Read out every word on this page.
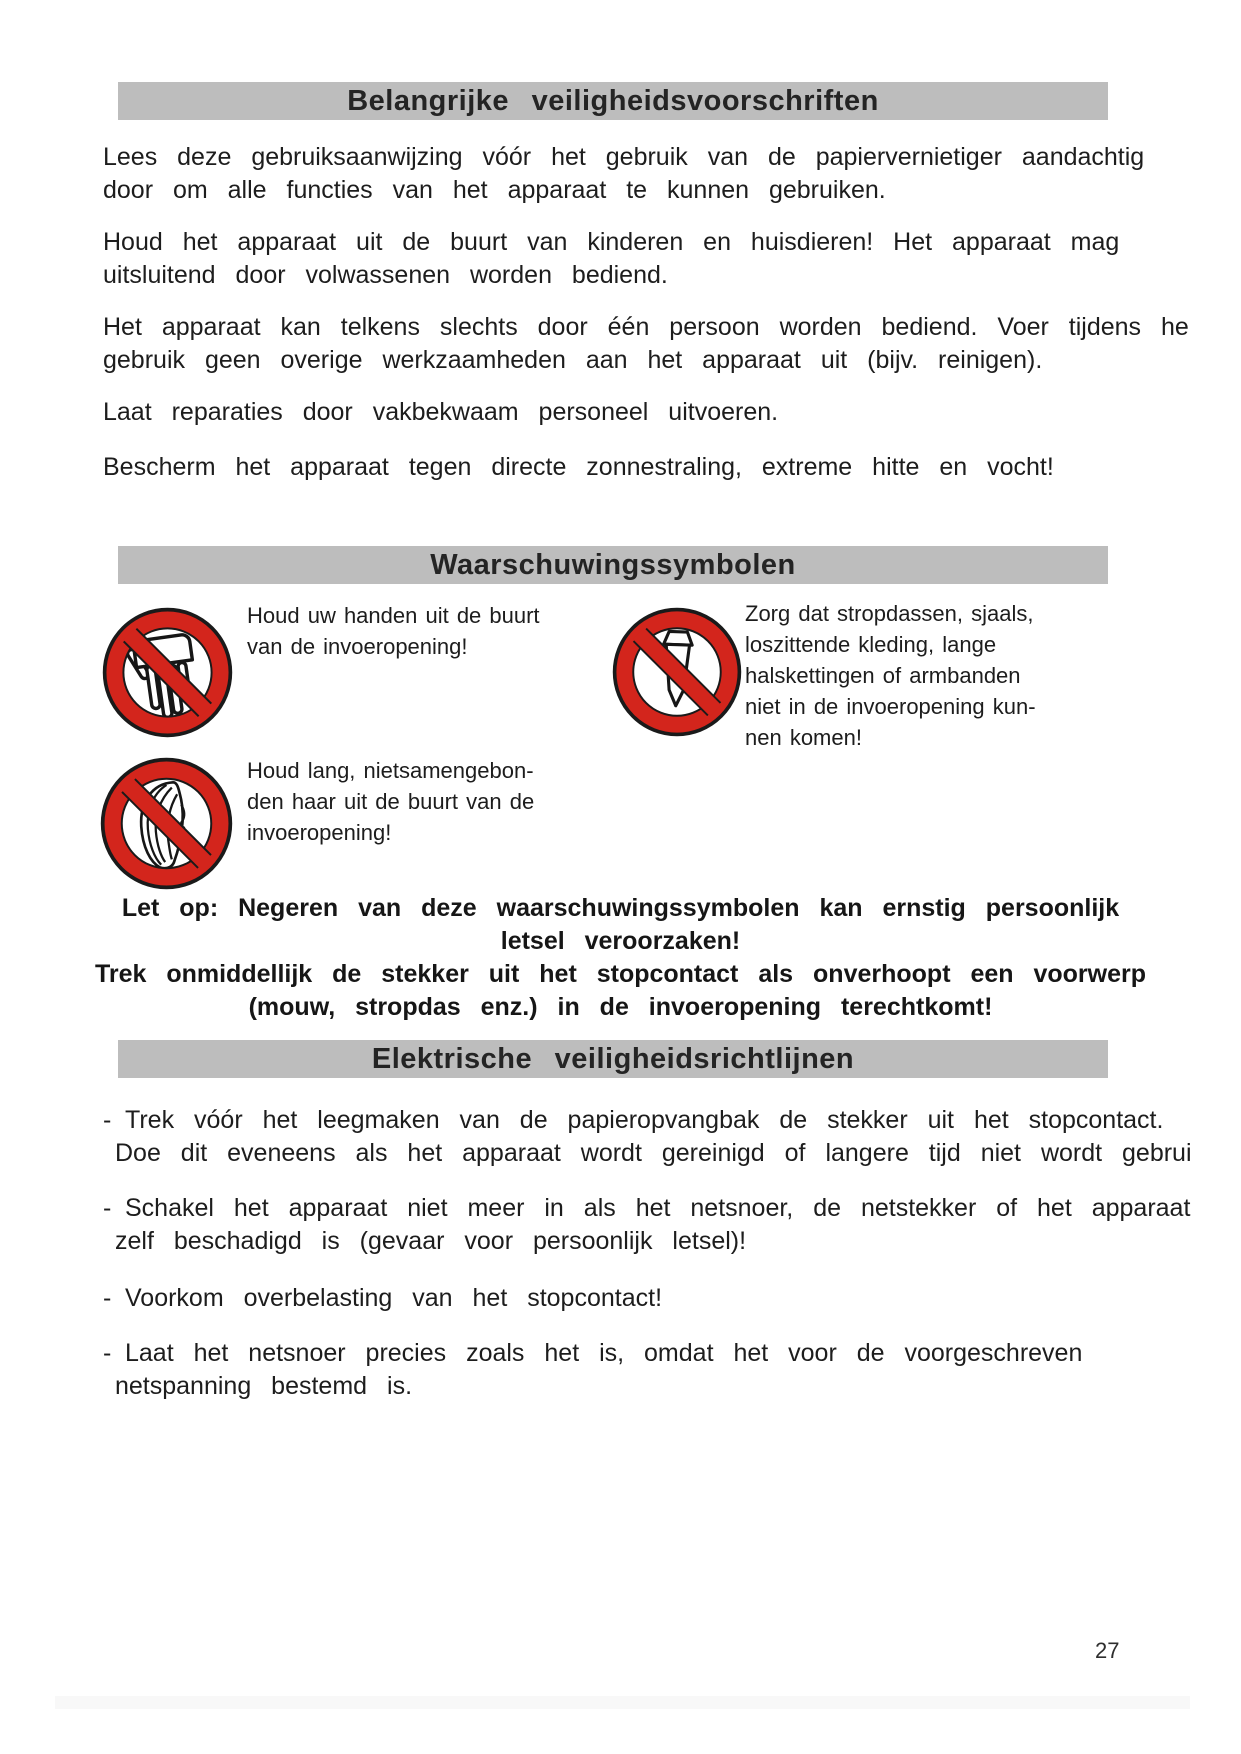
Belangrijke veiligheidsvoorschriften
Lees deze gebruiksaanwijzing vóór het gebruik van de papiervernietiger aandachtig
door om alle functies van het apparaat te kunnen gebruiken.
Houd het apparaat uit de buurt van kinderen en huisdieren! Het apparaat mag
uitsluitend door volwassenen worden bediend.
Het apparaat kan telkens slechts door één persoon worden bediend. Voer tijdens he
gebruik geen overige werkzaamheden aan het apparaat uit (bijv. reinigen).
Laat reparaties door vakbekwaam personeel uitvoeren.
Bescherm het apparaat tegen directe zonnestraling, extreme hitte en vocht!
Waarschuwingssymbolen
Houd uw handen uit de buurt
van de invoeropening!
Zorg dat stropdassen, sjaals,
loszittende kleding, lange
halskettingen of armbanden
niet in de invoeropening kun-
nen komen!
Houd lang, nietsamengebon-
den haar uit de buurt van de
invoeropening!
Let op: Negeren van deze waarschuwingssymbolen kan ernstig persoonlijk
letsel veroorzaken!
Trek onmiddellijk de stekker uit het stopcontact als onverhoopt een voorwerp
(mouw, stropdas enz.) in de invoeropening terechtkomt!
Elektrische veiligheidsrichtlijnen
- Trek vóór het leegmaken van de papieropvangbak de stekker uit het stopcontact.
Doe dit eveneens als het apparaat wordt gereinigd of langere tijd niet wordt gebrui
- Schakel het apparaat niet meer in als het netsnoer, de netstekker of het apparaat
zelf beschadigd is (gevaar voor persoonlijk letsel)!
- Voorkom overbelasting van het stopcontact!
- Laat het netsnoer precies zoals het is, omdat het voor de voorgeschreven
netspanning bestemd is.
27
